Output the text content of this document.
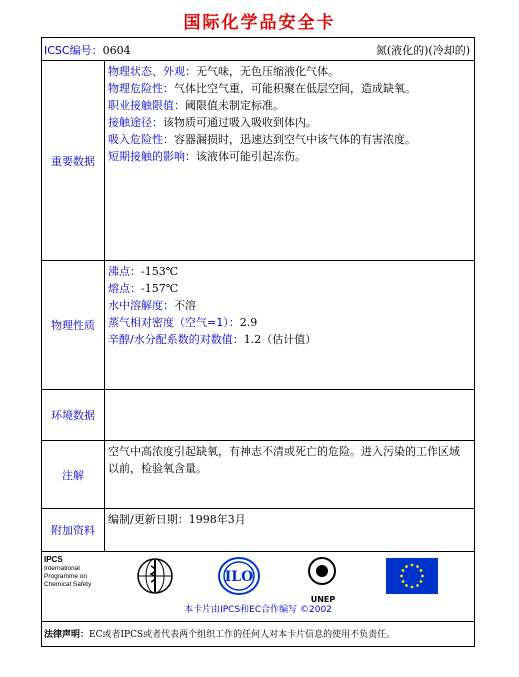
国际化学品安全卡
ICSC编号：0604	氮(液化的)(冷却的)
重要数据
物理状态、外观：无气味，无色压缩液化气体。
物理危险性：气体比空气重，可能积聚在低层空间，造成缺氧。
职业接触限值：阈限值未制定标准。
接触途径：该物质可通过吸入吸收到体内。
吸入危险性：容器漏损时，迅速达到空气中该气体的有害浓度。
短期接触的影响：该液体可能引起冻伤。
物理性质
沸点：-153℃
熔点：-157℃
水中溶解度：不溶
蒸气相对密度（空气=1）：2.9
辛醇/水分配系数的对数值：1.2（估计值）
环境数据
注解
空气中高浓度引起缺氧，有神志不清或死亡的危险。进入污染的工作区域以前，检验氧含量。
附加资料
编制/更新日期：1998年3月
IPCS
International
Programme on
Chemical Safety	ILO
UNEP
本卡片由IPCS和EC合作编写 ©2002
法律声明：EC或者IPCS或者代表两个组织工作的任何人对本卡片信息的使用不负责任。
